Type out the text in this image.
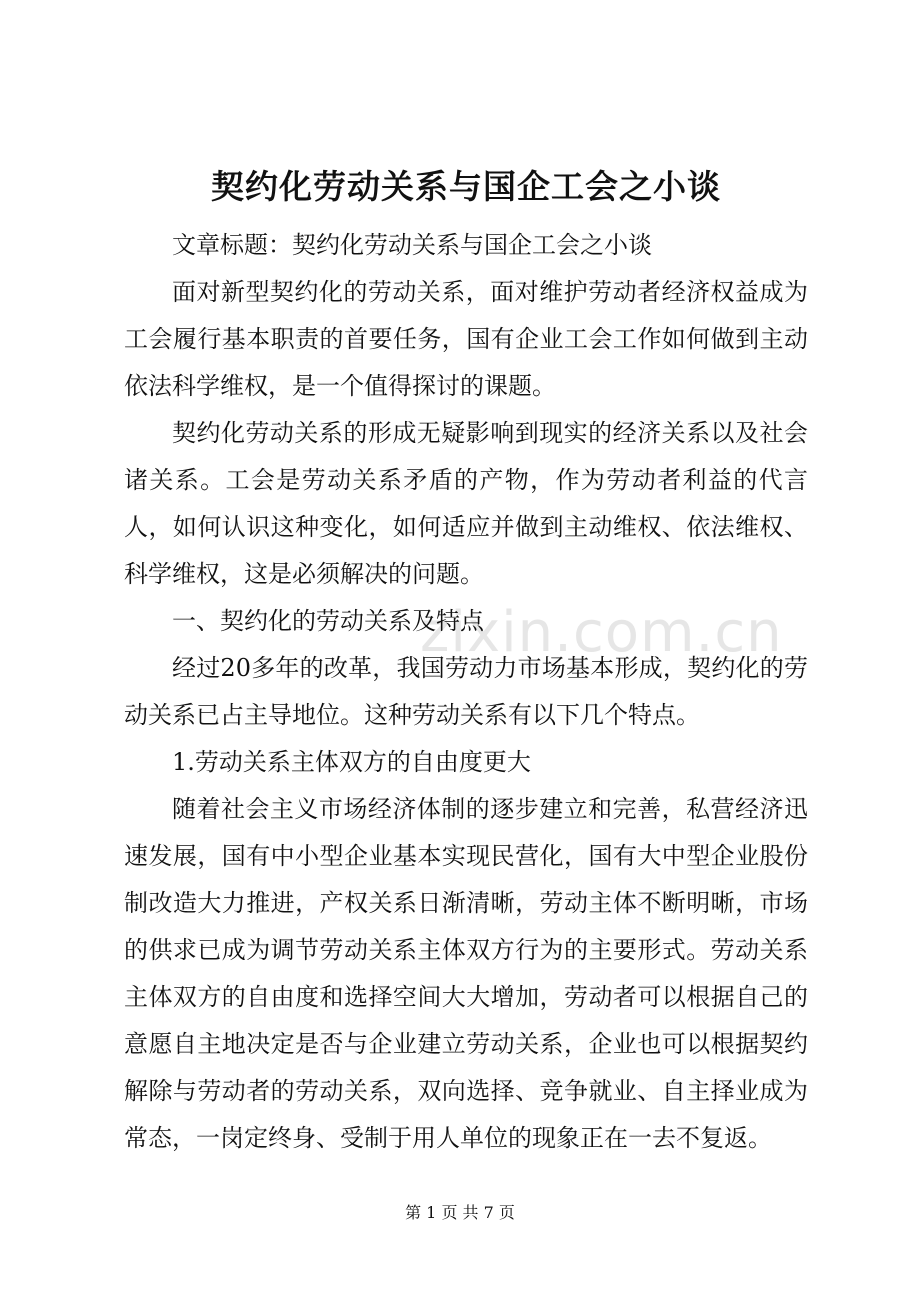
zixin.com.cn
契约化劳动关系与国企工会之小谈

文章标题：契约化劳动关系与国企工会之小谈

面对新型契约化的劳动关系，面对维护劳动者经济权益成为工会履行基本职责的首要任务，国有企业工会工作如何做到主动依法科学维权，是一个值得探讨的课题。

契约化劳动关系的形成无疑影响到现实的经济关系以及社会诸关系。工会是劳动关系矛盾的产物，作为劳动者利益的代言人，如何认识这种变化，如何适应并做到主动维权、依法维权、科学维权，这是必须解决的问题。

一、契约化的劳动关系及特点

经过20多年的改革，我国劳动力市场基本形成，契约化的劳动关系已占主导地位。这种劳动关系有以下几个特点。

1.劳动关系主体双方的自由度更大

随着社会主义市场经济体制的逐步建立和完善，私营经济迅速发展，国有中小型企业基本实现民营化，国有大中型企业股份制改造大力推进，产权关系日渐清晰，劳动主体不断明晰，市场的供求已成为调节劳动关系主体双方行为的主要形式。劳动关系主体双方的自由度和选择空间大大增加，劳动者可以根据自己的意愿自主地决定是否与企业建立劳动关系，企业也可以根据契约解除与劳动者的劳动关系，双向选择、竞争就业、自主择业成为常态，一岗定终身、受制于用人单位的现象正在一去不复返。

第 1 页 共 7 页
